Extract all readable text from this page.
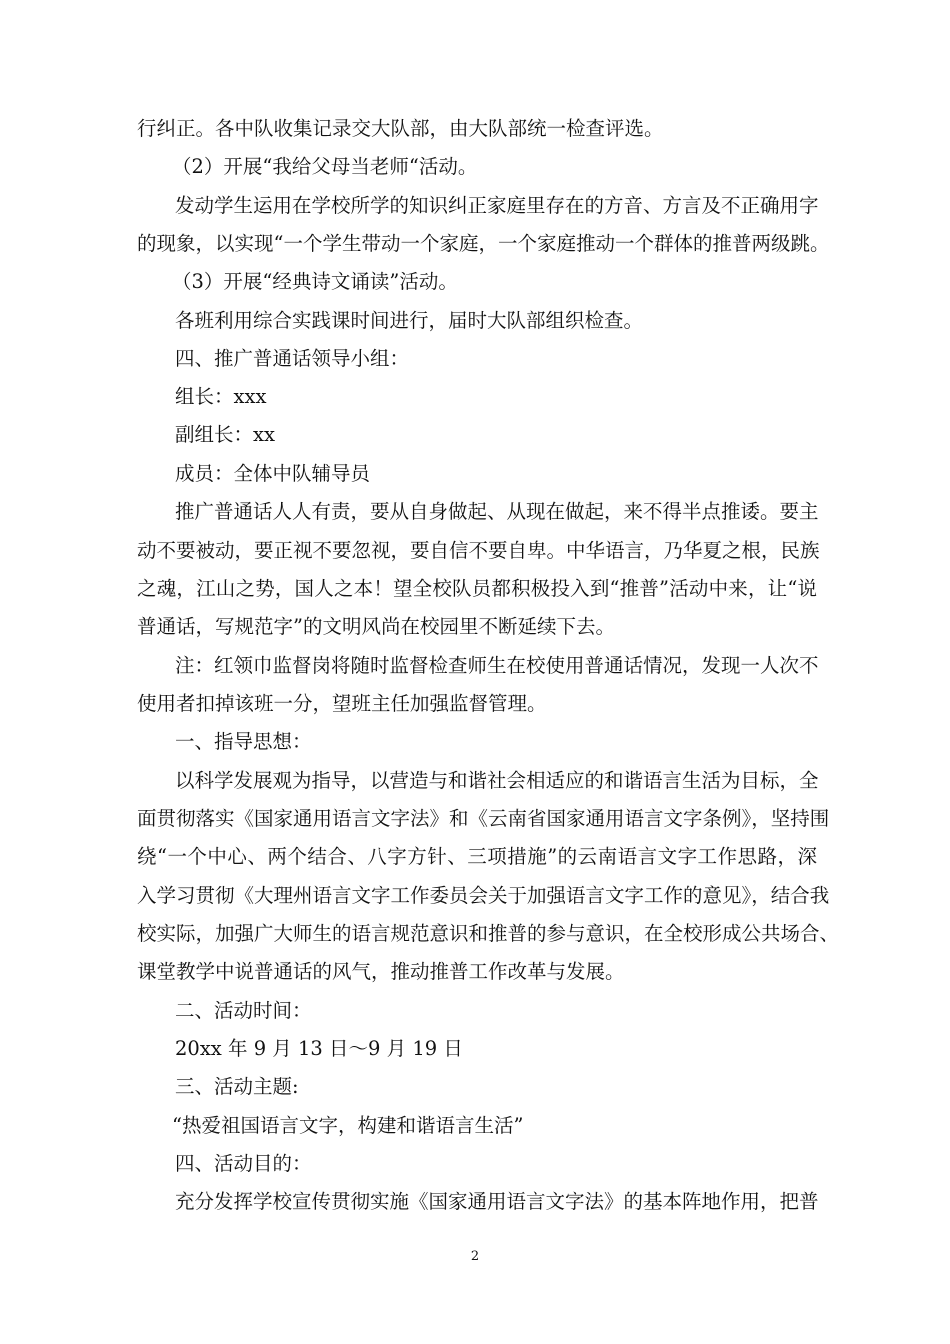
行纠正。各中队收集记录交大队部，由大队部统一检查评选。
（2）开展“我给父母当老师“活动。
发动学生运用在学校所学的知识纠正家庭里存在的方音、方言及不正确用字
的现象，以实现“一个学生带动一个家庭，一个家庭推动一个群体的推普两级跳。
（3）开展“经典诗文诵读”活动。
各班利用综合实践课时间进行，届时大队部组织检查。
四、推广普通话领导小组：
组长：xxx
副组长：xx
成员：全体中队辅导员
推广普通话人人有责，要从自身做起、从现在做起，来不得半点推诿。要主
动不要被动，要正视不要忽视，要自信不要自卑。中华语言，乃华夏之根，民族
之魂，江山之势，国人之本！望全校队员都积极投入到“推普”活动中来，让“说
普通话，写规范字”的文明风尚在校园里不断延续下去。
注：红领巾监督岗将随时监督检查师生在校使用普通话情况，发现一人次不
使用者扣掉该班一分，望班主任加强监督管理。
一、指导思想：
以科学发展观为指导，以营造与和谐社会相适应的和谐语言生活为目标，全
面贯彻落实《国家通用语言文字法》和《云南省国家通用语言文字条例》，坚持围
绕“一个中心、两个结合、八字方针、三项措施”的云南语言文字工作思路，深
入学习贯彻《大理州语言文字工作委员会关于加强语言文字工作的意见》，结合我
校实际，加强广大师生的语言规范意识和推普的参与意识，在全校形成公共场合、
课堂教学中说普通话的风气，推动推普工作改革与发展。
二、活动时间：
20xx 年 9 月 13 日～9 月 19 日
三、活动主题:
“热爱祖国语言文字，构建和谐语言生活”
四、活动目的：
充分发挥学校宣传贯彻实施《国家通用语言文字法》的基本阵地作用，把普
2
